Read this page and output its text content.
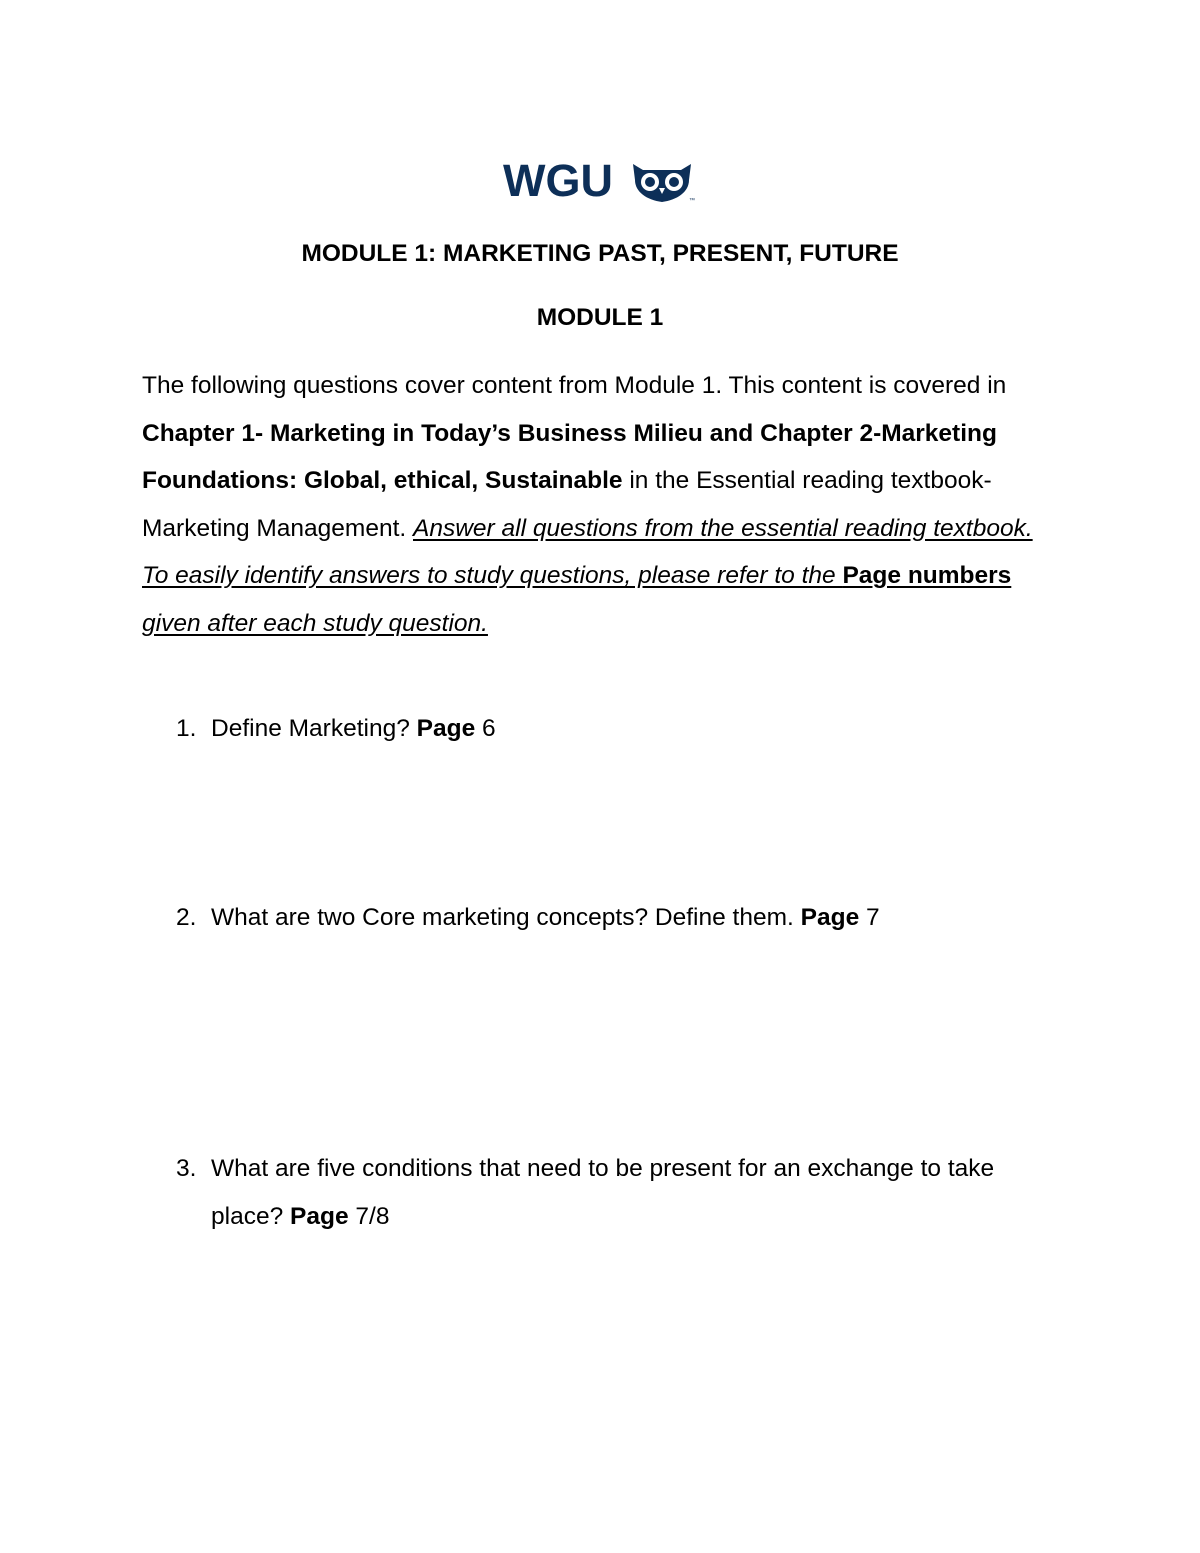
WGU	™

MODULE 1: MARKETING PAST, PRESENT, FUTURE

MODULE 1

The following questions cover content from Module 1. This content is covered in Chapter 1- Marketing in Today’s Business Milieu and Chapter 2-Marketing Foundations: Global, ethical, Sustainable in the Essential reading textbook- Marketing Management. Answer all questions from the essential reading textbook. To easily identify answers to study questions, please refer to the Page numbers given after each study question.

1. Define Marketing? Page 6
2. What are two Core marketing concepts? Define them. Page 7
3. What are five conditions that need to be present for an exchange to take place? Page 7/8
